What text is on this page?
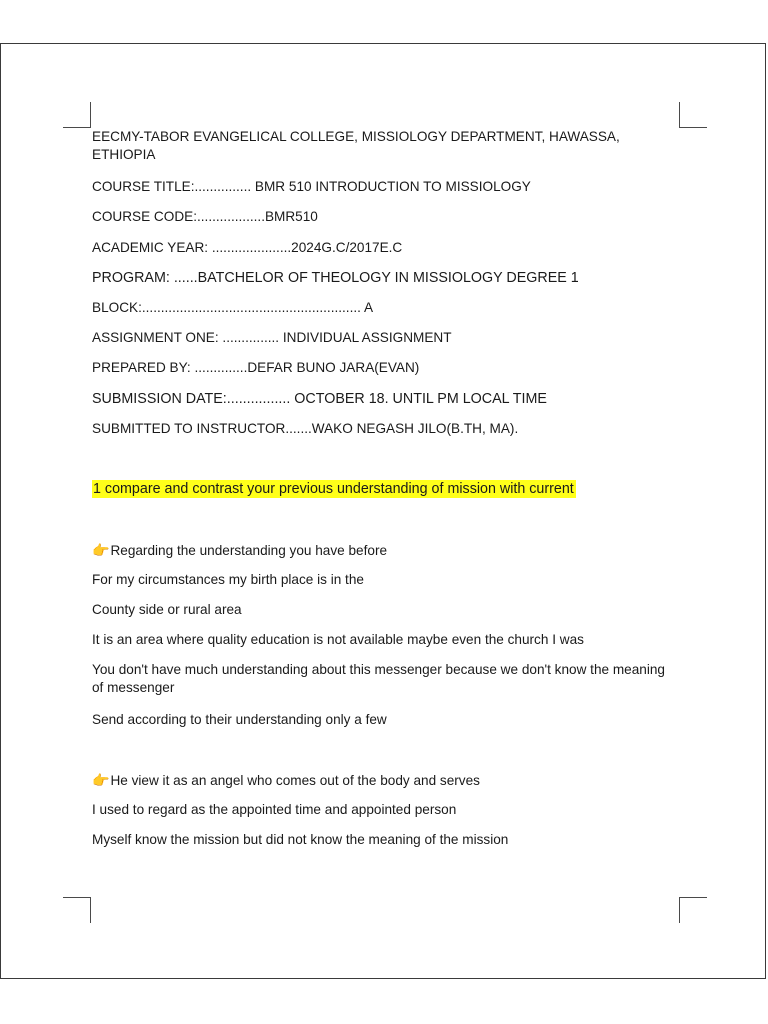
EECMY-TABOR EVANGELICAL COLLEGE, MISSIOLOGY DEPARTMENT, HAWASSA, ETHIOPIA
COURSE TITLE:............... BMR 510 INTRODUCTION TO MISSIOLOGY
COURSE CODE:..................BMR510
ACADEMIC YEAR: .....................2024G.C/2017E.C
PROGRAM: ......BATCHELOR OF THEOLOGY IN MISSIOLOGY DEGREE 1
BLOCK:.......................................................... A
ASSIGNMENT ONE: ............... INDIVIDUAL ASSIGNMENT
PREPARED BY: ..............DEFAR BUNO JARA(EVAN)
SUBMISSION DATE:................ OCTOBER 18. UNTIL PM LOCAL TIME
SUBMITTED TO INSTRUCTOR.......WAKO NEGASH JILO(B.TH, MA).
1 compare and contrast your previous understanding of mission with current
👉Regarding the understanding you have before
For my circumstances my birth place is in the
County side or rural area
It is an area where quality education is not available maybe even the church I was
You don't have much understanding about this messenger because we don't know the meaning of messenger
Send according to their understanding only a few
👉He view it as an angel who comes out of the body and serves
I used to regard as the appointed time and appointed person
Myself know the mission but did not know the meaning of the mission
